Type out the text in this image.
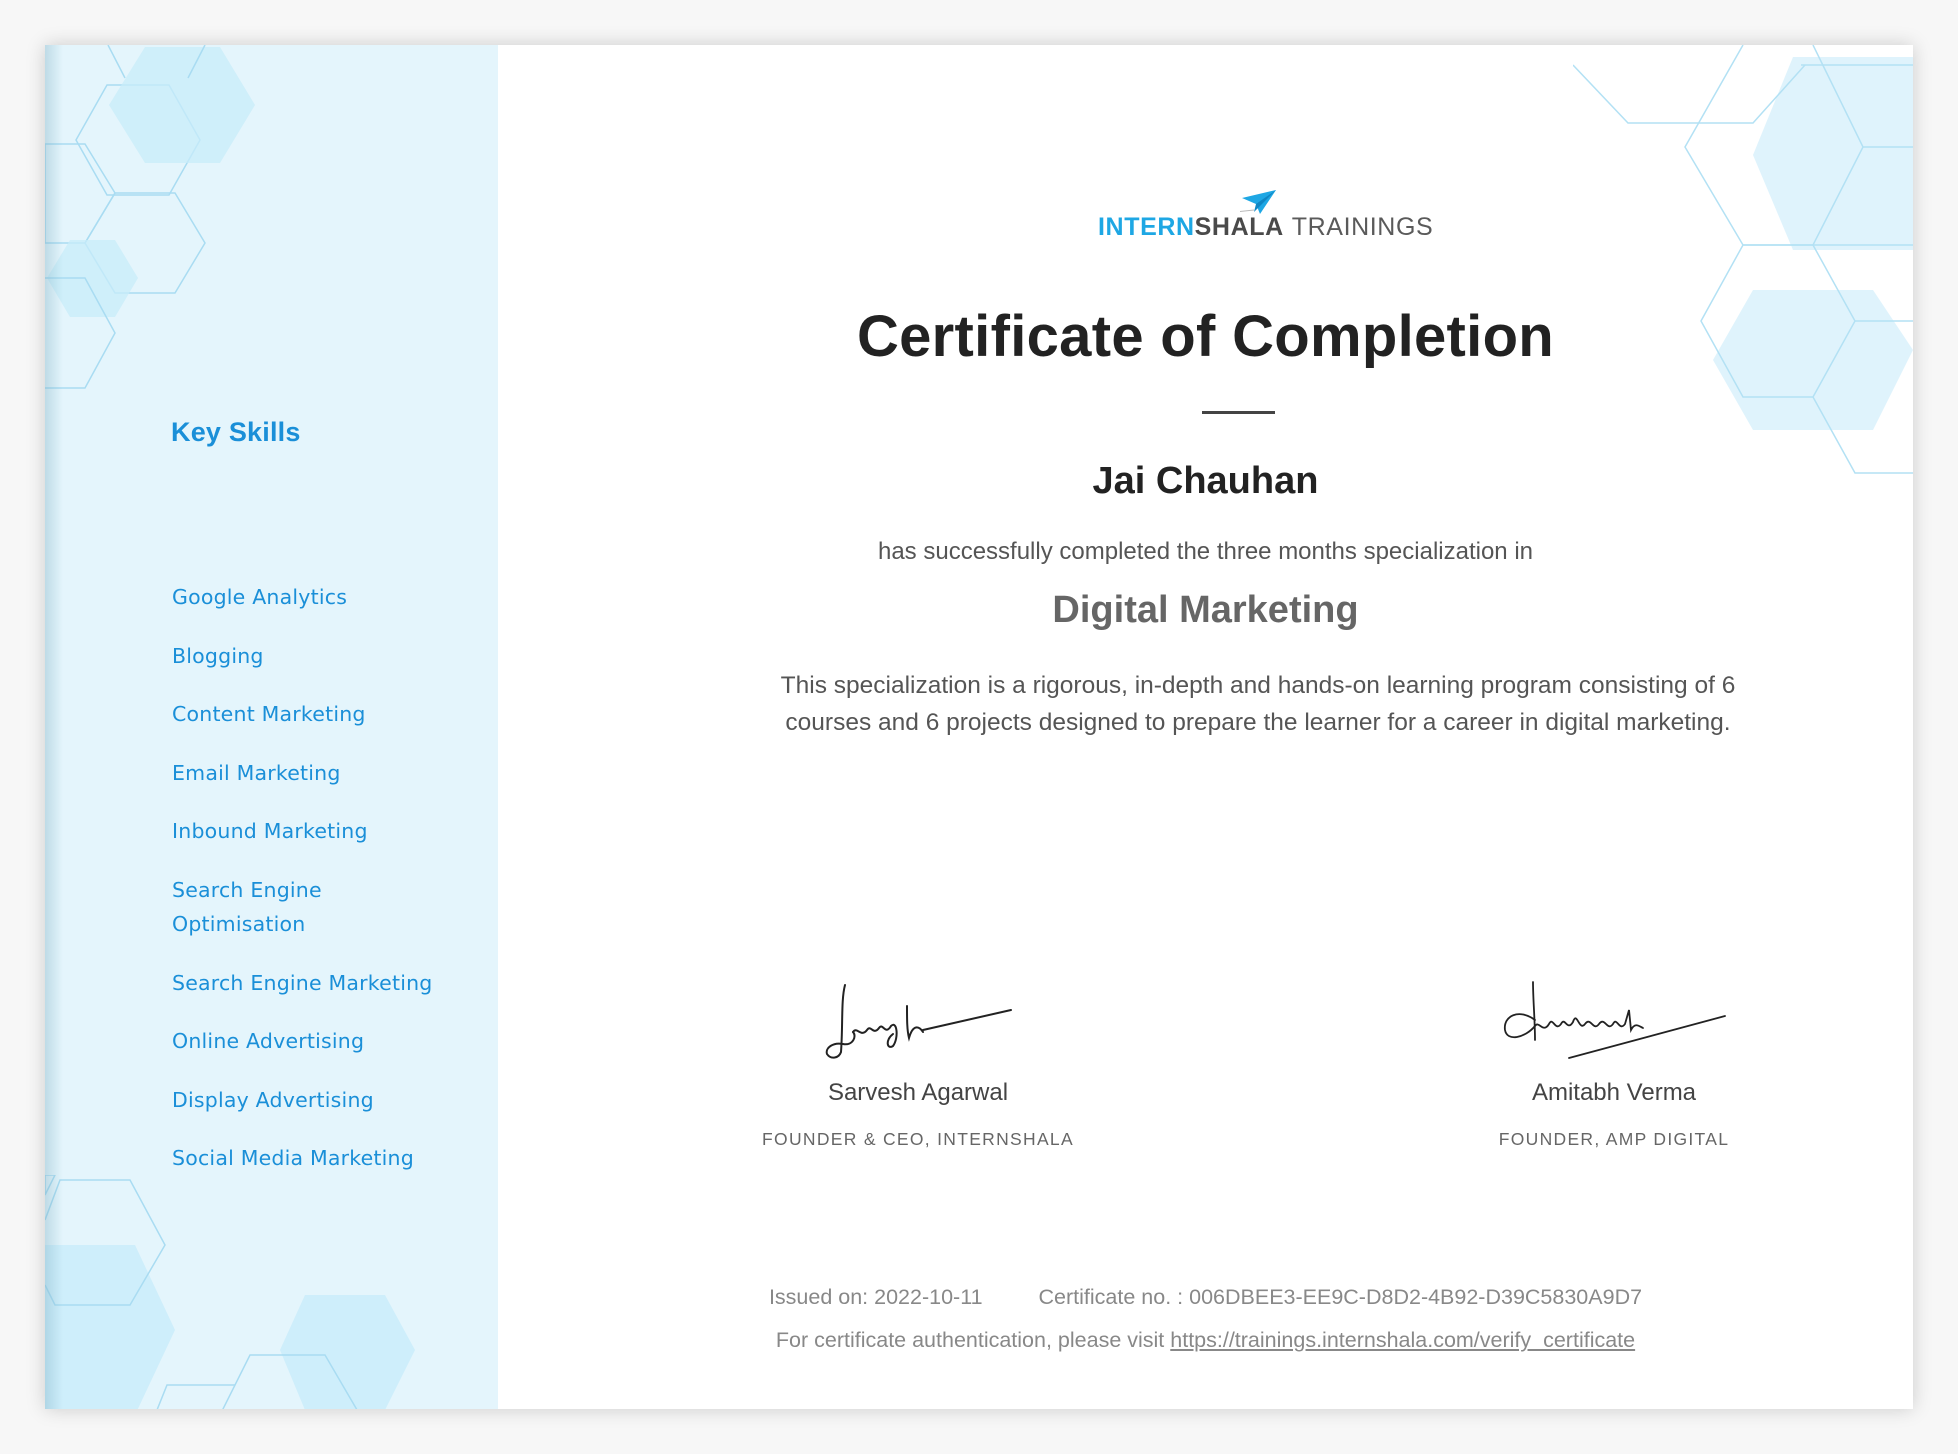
Key Skills
Google Analytics
Blogging
Content Marketing
Email Marketing
Inbound Marketing
Search Engine Optimisation
Search Engine Marketing
Online Advertising
Display Advertising
Social Media Marketing
INTERNSHALA TRAININGS
Certificate of Completion
Jai Chauhan
has successfully completed the three months specialization in
Digital Marketing
This specialization is a rigorous, in-depth and hands-on learning program consisting of 6 courses and 6 projects designed to prepare the learner for a career in digital marketing.
Sarvesh Agarwal
FOUNDER & CEO, INTERNSHALA
Amitabh Verma
FOUNDER, AMP DIGITAL
Issued on: 2022-10-11	Certificate no. : 006DBEE3-EE9C-D8D2-4B92-D39C5830A9D7
For certificate authentication, please visit https://trainings.internshala.com/verify_certificate
